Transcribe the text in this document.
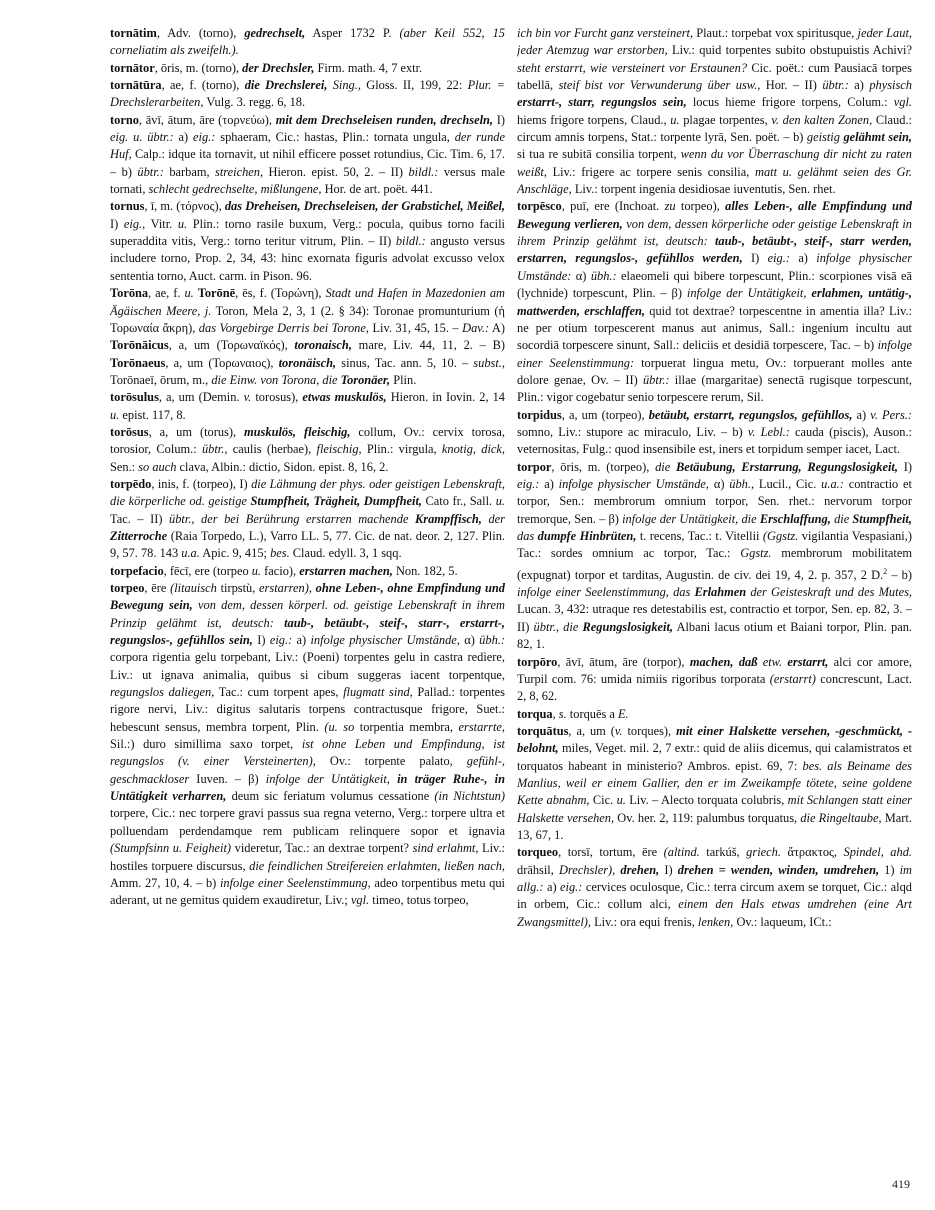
tornātim, Adv. (torno), gedrechselt, Asper 1732 P. (aber Keil 552, 15 corneliatim als zweifelh.).

tornātor, ōris, m. (torno), der Drechsler, Firm. math. 4, 7 extr.

tornātūra, ae, f. (torno), die Drechslerei, Sing., Gloss. II, 199, 22: Plur. = Drechslerarbeiten, Vulg. 3. regg. 6, 18.

torno, āvī, ātum, āre (τορνεύω), mit dem Drechseleisen runden, drechseln, I) eig. u. übtr.: a) eig.: sphaeram, Cic.: hastas, Plin.: tornata ungula, der runde Huf, Calp.: idque ita tornavit, ut nihil efficere posset rotundius, Cic. Tim. 6, 17. – b) übtr.: barbam, streichen, Hieron. epist. 50, 2. – II) bildl.: versus male tornati, schlecht gedrechselte, mißlungene, Hor. de art. poët. 441.

tornus, ī, m. (τόρνος), das Dreheisen, Drechseleisen, der Grabstichel, Meißel, I) eig., Vitr. u. Plin.: torno rasile buxum, Verg.: pocula, quibus torno facili superaddita vitis, Verg.: torno teritur vitrum, Plin. – II) bildl.: angusto versus includere torno, Prop. 2, 34, 43: hinc exornata figuris advolat excusso velox sententia torno, Auct. carm. in Pison. 96.

Torōna, ae, f. u. Torōnē, ēs, f. (Τορώνη), Stadt und Hafen in Mazedonien am Ägäischen Meere, j. Toron, Mela 2, 3, 1 (2. § 34): Toronae promunturium (ἡ Τορωναία ἄκρη), das Vorgebirge Derris bei Torone, Liv. 31, 45, 15. – Dav.: A) Torōnāicus, a, um (Τορωναϊκός), toronaisch, mare, Liv. 44, 11, 2. – B) Torōnaeus, a, um (Τορωναιος), toronäisch, sinus, Tac. ann. 5, 10. – subst., Torōnaeī, ōrum, m., die Einw. von Torona, die Toronäer, Plin.

torōsulus, a, um (Demin. v. torosus), etwas muskulös, Hieron. in Iovin. 2, 14 u. epist. 117, 8.

torōsus, a, um (torus), muskulös, fleischig, collum, Ov.: cervix torosa, torosior, Colum.: übtr., caulis (herbae), fleischig, Plin.: virgula, knotig, dick, Sen.: so auch clava, Albin.: dictio, Sidon. epist. 8, 16, 2.

torpēdo, inis, f. (torpeo), I) die Lähmung der phys. oder geistigen Lebenskraft, die körperliche od. geistige Stumpfheit, Trägheit, Dumpfheit, Cato fr., Sall. u. Tac. – II) übtr., der bei Berührung erstarren machende Krampffisch, der Zitterroche (Raia Torpedo, L.), Varro LL. 5, 77. Cic. de nat. deor. 2, 127. Plin. 9, 57. 78. 143 u.a. Apic. 9, 415; bes. Claud. edyll. 3, 1 sqq.

torpefacio, fēcī, ere (torpeo u. facio), erstarren machen, Non. 182, 5.

torpeo, ēre (litauisch tirpstù, erstarren), ohne Leben-, ohne Empfindung und Bewegung sein, von dem, dessen körperl. od. geistige Lebenskraft in ihrem Prinzip gelähmt ist, deutsch: taub-, betäubt-, steif-, starr-, erstarrt-, regungslos-, gefühllos sein, I) eig.: a) infolge physischer Umstände, α) übh.: corpora rigentia gelu torpebant, Liv.: (Poeni) torpentes gelu in castra redìere, Liv.: ut ignava animalia, quibus si cibum suggeras iacent torpentque, regungslos daliegen, Tac.: cum torpent apes, flugmatt sind, Pallad.: torpentes rigore nervi, Liv.: digitus salutaris torpens contractusque frigore, Suet.: hebescunt sensus, membra torpent, Plin. (u. so torpentia membra, erstarrte, Sil.:) duro simillima saxo torpet, ist ohne Leben und Empfindung, ist regungslos (v. einer Versteinerten), Ov.: torpente palato, gefühl-, geschmackloser Iuven. – β) infolge der Untätigkeit, in träger Ruhe-, in Untätigkeit verharren, deum sic feriatum volumus cessatione (in Nichtstun) torpere, Cic.: nec torpere gravi passus sua regna veterno, Verg.: torpere ultra et polluendam perdendamque rem publicam relinquere sopor et ignavia (Stumpfsinn u. Feigheit) videretur, Tac.: an dextrae torpent? sind erlahmt, Liv.: hostiles torpuere discursus, die feindlichen Streifereien erlahmten, ließen nach, Amm. 27, 10, 4. – b) infolge einer Seelenstimmung, adeo torpentibus metu qui aderant, ut ne gemitus quidem exaudiretur, Liv.; vgl. timeo, totus torpeo,

ich bin vor Furcht ganz versteinert, Plaut.: torpebat vox spiritusque, jeder Laut, jeder Atemzug war erstorben, Liv.: quid torpentes subito obstupuistis Achivi? steht erstarrt, wie versteinert vor Erstaunen? Cic. poët.: cum Pausiacā torpes tabellā, steif bist vor Verwunderung über usw., Hor. – II) übtr.: a) physisch erstarrt-, starr, regungslos sein, locus hieme frigore torpens, Colum.: vgl. hiems frigore torpens, Claud., u. plagae torpentes, v. den kalten Zonen, Claud.: circum amnis torpens, Stat.: torpente lyrā, Sen. poët. – b) geistig gelähmt sein, si tua re subitā consilia torpent, wenn du vor Überraschung dir nicht zu raten weißt, Liv.: frigere ac torpere senis consilia, matt u. gelähmt seien des Gr. Anschläge, Liv.: torpent ingenia desidiosae iuventutis, Sen. rhet.

torpēsco, puī, ere (Inchoat. zu torpeo), alles Leben-, alle Empfindung und Bewegung verlieren, von dem, dessen körperliche oder geistige Lebenskraft in ihrem Prinzip gelähmt ist, deutsch: taub-, betäubt-, steif-, starr werden, erstarren, regungslos-, gefühllos werden, I) eig.: a) infolge physischer Umstände: α) übh.: elaeomeli qui bibere torpescunt, Plin.: scorpiones visā eā (lychnide) torpescunt, Plin. – β) infolge der Untätigkeit, erlahmen, untätig-, mattwerden, erschlaffen, quid tot dextrae? torpescentne in amentia illa? Liv.: ne per otium torpescerent manus aut animus, Sall.: ingenium incultu aut socordiā torpescere sinunt, Sall.: deliciis et desidiā torpescere, Tac. – b) infolge einer Seelenstimmung: torpuerat lingua metu, Ov.: torpuerant molles ante dolore genae, Ov. – II) übtr.: illae (margaritae) senectā rugisque torpescunt, Plin.: vigor cogebatur senio torpescere rerum, Sil.

torpidus, a, um (torpeo), betäubt, erstarrt, regungslos, gefühllos, a) v. Pers.: somno, Liv.: stupore ac miraculo, Liv. – b) v. Lebl.: cauda (piscis), Auson.: veternositas, Fulg.: quod insensibile est, iners et torpidum semper iacet, Lact.

torpor, ōris, m. (torpeo), die Betäubung, Erstarrung, Regungslosigkeit, I) eig.: a) infolge physischer Umstände, α) übh., Lucil., Cic. u.a.: contractio et torpor, Sen.: membrorum omnium torpor, Sen. rhet.: nervorum torpor tremorque, Sen. – β) infolge der Untätigkeit, die Erschlaffung, die Stumpfheit, das dumpfe Hinbrüten, t. recens, Tac.: t. Vitellii (Ggstz. vigilantia Vespasiani,) Tac.: sordes omnium ac torpor, Tac.: Ggstz. membrorum mobilitatem (expugnat) torpor et tarditas, Augustin. de civ. dei 19, 4, 2. p. 357, 2 D.$^2$ – b) infolge einer Seelenstimmung, das Erlahmen der Geisteskraft und des Mutes, Lucan. 3, 432: utraque res detestabilis est, contractio et torpor, Sen. ep. 82, 3. – II) übtr., die Regungslosigkeit, Albani lacus otium et Baiani torpor, Plin. pan. 82, 1.

torpōro, āvī, ātum, āre (torpor), machen, daß etw. erstarrt, alci cor amore, Turpil com. 76: umida nimiis rigoribus torporata (erstarrt) concrescunt, Lact. 2, 8, 62.

torqua, s. torquēs a E.

torquātus, a, um (v. torques), mit einer Halskette versehen, -geschmückt, -belohnt, miles, Veget. mil. 2, 7 extr.: quid de aliis dicemus, qui calamistratos et torquatos habeant in ministerio? Ambros. epist. 69, 7: bes. als Beiname des Manlius, weil er einem Gallier, den er im Zweikampfe tötete, seine goldene Kette abnahm, Cic. u. Liv. – Alecto torquata colubris, mit Schlangen statt einer Halskette versehen, Ov. her. 2, 119: palumbus torquatus, die Ringeltaube, Mart. 13, 67, 1.

torqueo, torsī, tortum, ēre (altind. tarkúš, griech. ἄτρακτος, Spindel, ahd. drāhsil, Drechsler), drehen, I) drehen = wenden, winden, umdrehen, 1) im allg.: a) eig.: cervices oculosque, Cic.: terra circum axem se torquet, Cic.: alqd in orbem, Cic.: collum alci, einem den Hals etwas umdrehen (eine Art Zwangsmittel), Liv.: ora equi frenis, lenken, Ov.: laqueum, ICt.:

419
